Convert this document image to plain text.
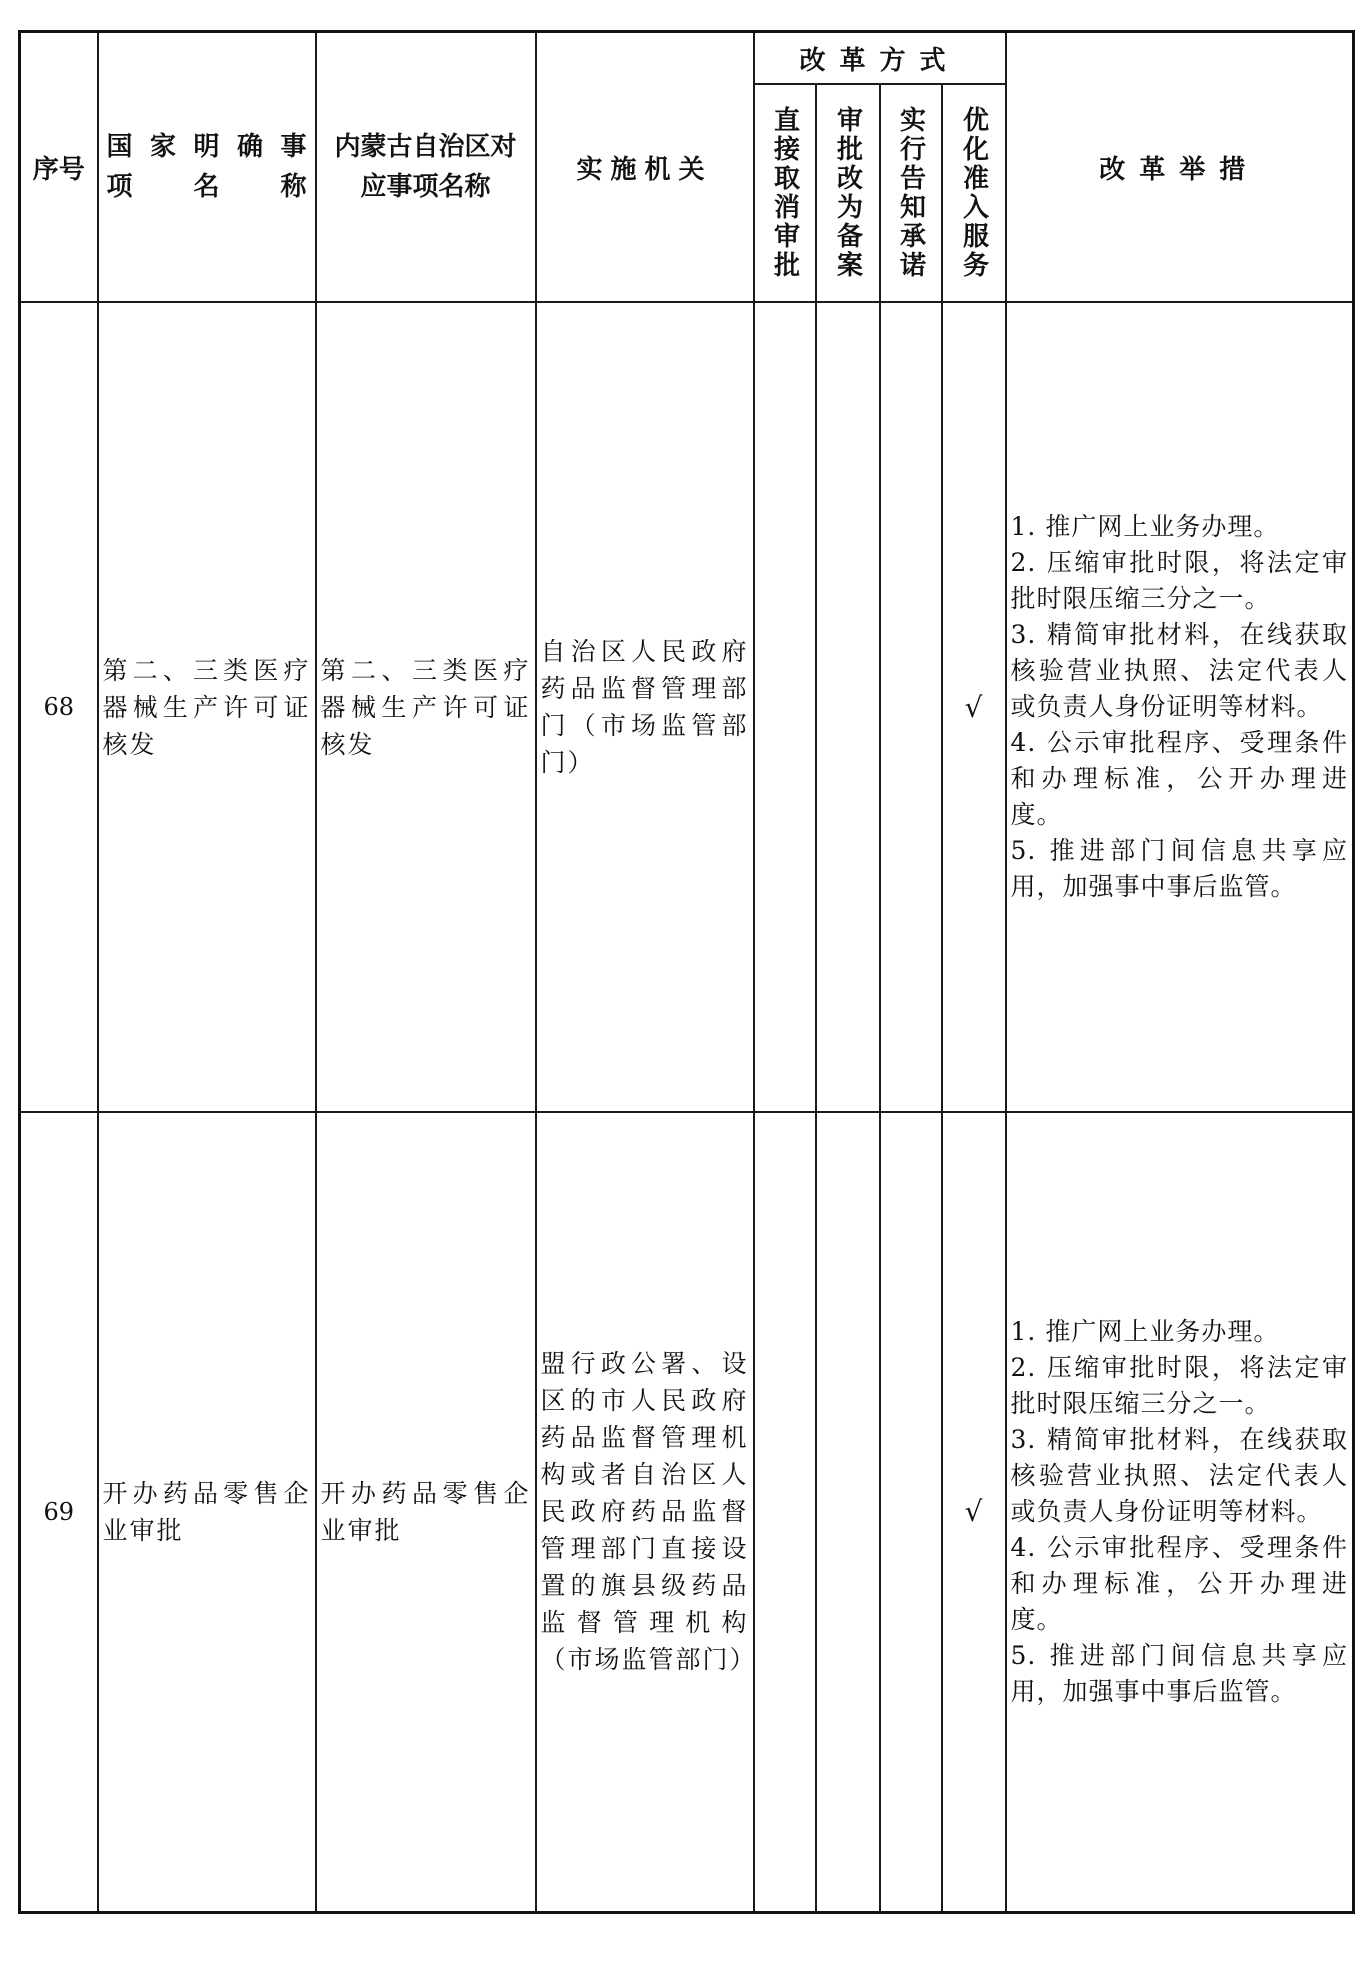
序号	国 家 明 确 事 项 名 称	内蒙古自治区对应事项名称	实施机关	改革方式				改革举措

				直接取消审批	审批改为备案	实行告知承诺	优化准入服务	

68	第二、三类医疗器械生产许可证核发	第二、三类医疗器械生产许可证核发	自治区人民政府药品监督管理部门（市场监管部门）				√	1. 推广网上业务办理。
2. 压缩审批时限，将法定审批时限压缩三分之一。
3. 精简审批材料，在线获取核验营业执照、法定代表人或负责人身份证明等材料。
4. 公示审批程序、受理条件和办理标准，公开办理进度。
5. 推进部门间信息共享应用，加强事中事后监管。

69	开办药品零售企业审批	开办药品零售企业审批	盟行政公署、设区的市人民政府药品监督管理机构或者自治区人民政府药品监督管理部门直接设置的旗县级药品监督管理机构（市场监管部门）				√	1. 推广网上业务办理。
2. 压缩审批时限，将法定审批时限压缩三分之一。
3. 精简审批材料，在线获取核验营业执照、法定代表人或负责人身份证明等材料。
4. 公示审批程序、受理条件和办理标准，公开办理进度。
5. 推进部门间信息共享应用，加强事中事后监管。
